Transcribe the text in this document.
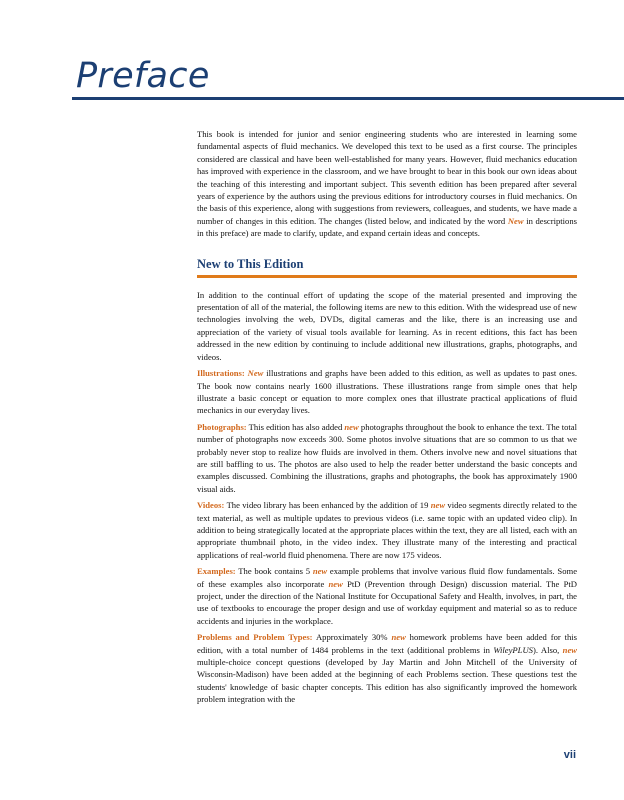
Preface

This book is intended for junior and senior engineering students who are interested in learning some fundamental aspects of fluid mechanics. We developed this text to be used as a first course. The principles considered are classical and have been well-established for many years. However, fluid mechanics education has improved with experience in the classroom, and we have brought to bear in this book our own ideas about the teaching of this interesting and important subject. This seventh edition has been prepared after several years of experience by the authors using the previous editions for introductory courses in fluid mechanics. On the basis of this experience, along with suggestions from reviewers, colleagues, and students, we have made a number of changes in this edition. The changes (listed below, and indicated by the word New in descriptions in this preface) are made to clarify, update, and expand certain ideas and concepts.

New to This Edition

In addition to the continual effort of updating the scope of the material presented and improving the presentation of all of the material, the following items are new to this edition. With the widespread use of new technologies involving the web, DVDs, digital cameras and the like, there is an increasing use and appreciation of the variety of visual tools available for learning. As in recent editions, this fact has been addressed in the new edition by continuing to include additional new illustrations, graphs, photographs, and videos.

Illustrations: New illustrations and graphs have been added to this edition, as well as updates to past ones. The book now contains nearly 1600 illustrations. These illustrations range from simple ones that help illustrate a basic concept or equation to more complex ones that illustrate practical applications of fluid mechanics in our everyday lives.

Photographs: This edition has also added new photographs throughout the book to enhance the text. The total number of photographs now exceeds 300. Some photos involve situations that are so common to us that we probably never stop to realize how fluids are involved in them. Others involve new and novel situations that are still baffling to us. The photos are also used to help the reader better understand the basic concepts and examples discussed. Combining the illustrations, graphs and photographs, the book has approximately 1900 visual aids.

Videos: The video library has been enhanced by the addition of 19 new video segments directly related to the text material, as well as multiple updates to previous videos (i.e. same topic with an updated video clip). In addition to being strategically located at the appropriate places within the text, they are all listed, each with an appropriate thumbnail photo, in the video index. They illustrate many of the interesting and practical applications of real-world fluid phenomena. There are now 175 videos.

Examples: The book contains 5 new example problems that involve various fluid flow fundamentals. Some of these examples also incorporate new PtD (Prevention through Design) discussion material. The PtD project, under the direction of the National Institute for Occupational Safety and Health, involves, in part, the use of textbooks to encourage the proper design and use of workday equipment and material so as to reduce accidents and injuries in the workplace.

Problems and Problem Types: Approximately 30% new homework problems have been added for this edition, with a total number of 1484 problems in the text (additional problems in WileyPLUS). Also, new multiple-choice concept questions (developed by Jay Martin and John Mitchell of the University of Wisconsin-Madison) have been added at the beginning of each Problems section. These questions test the students' knowledge of basic chapter concepts. This edition has also significantly improved the homework problem integration with the

vii
